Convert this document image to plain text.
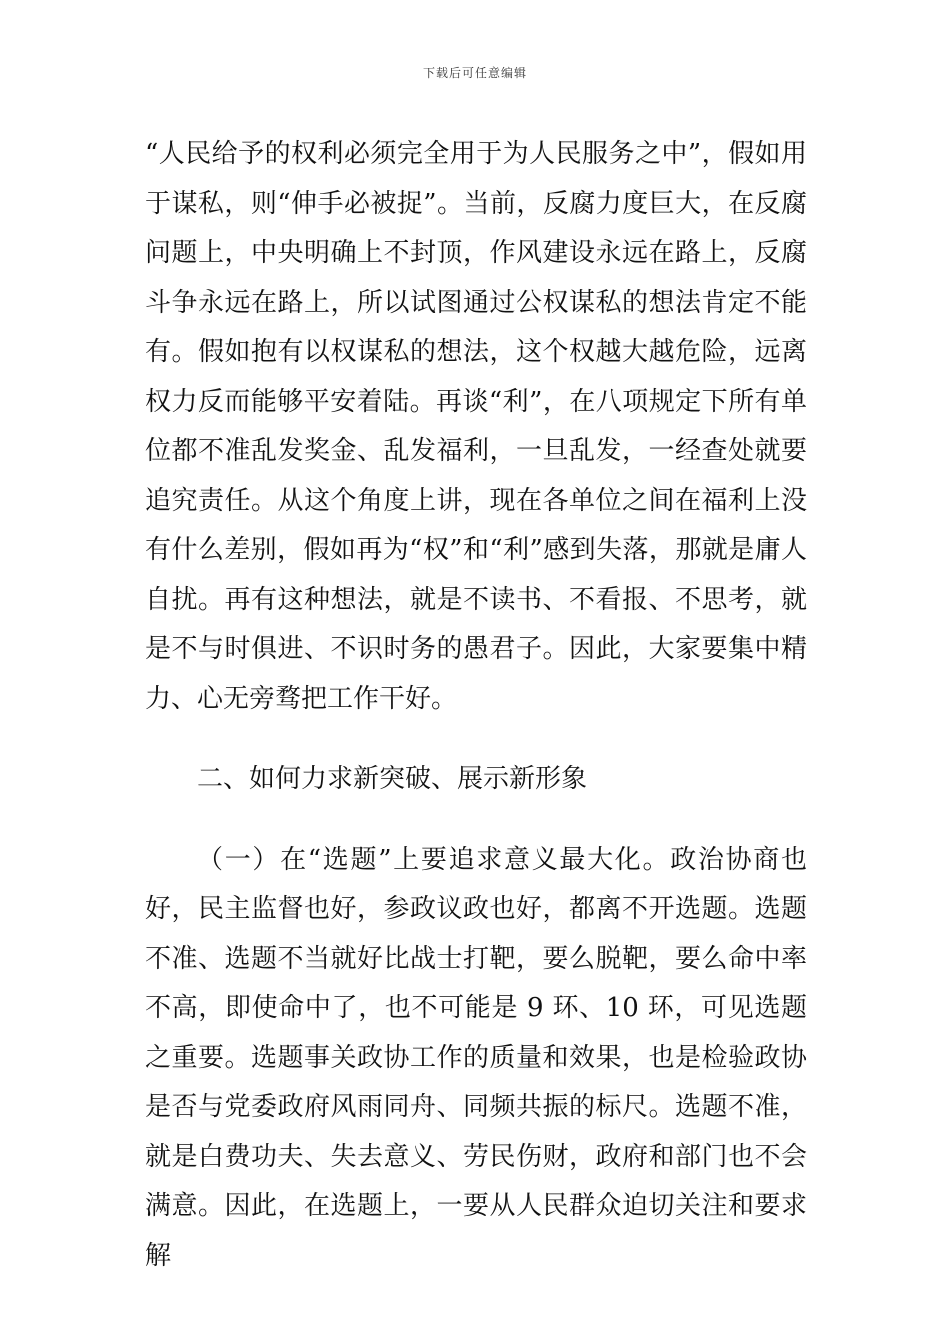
下载后可任意编辑

“人民给予的权利必须完全用于为人民服务之中”，假如用于谋私，则“伸手必被捉”。当前，反腐力度巨大，在反腐问题上，中央明确上不封顶，作风建设永远在路上，反腐斗争永远在路上，所以试图通过公权谋私的想法肯定不能有。假如抱有以权谋私的想法，这个权越大越危险，远离权力反而能够平安着陆。再谈“利”，在八项规定下所有单位都不准乱发奖金、乱发福利，一旦乱发，一经查处就要追究责任。从这个角度上讲，现在各单位之间在福利上没有什么差别，假如再为“权”和“利”感到失落，那就是庸人自扰。再有这种想法，就是不读书、不看报、不思考，就是不与时俱进、不识时务的愚君子。因此，大家要集中精力、心无旁骛把工作干好。

二、如何力求新突破、展示新形象

（一）在“选题”上要追求意义最大化。政治协商也好，民主监督也好，参政议政也好，都离不开选题。选题不准、选题不当就好比战士打靶，要么脱靶，要么命中率不高，即使命中了，也不可能是 9 环、10 环，可见选题之重要。选题事关政协工作的质量和效果，也是检验政协是否与党委政府风雨同舟、同频共振的标尺。选题不准，就是白费功夫、失去意义、劳民伤财，政府和部门也不会满意。因此，在选题上，一要从人民群众迫切关注和要求解
